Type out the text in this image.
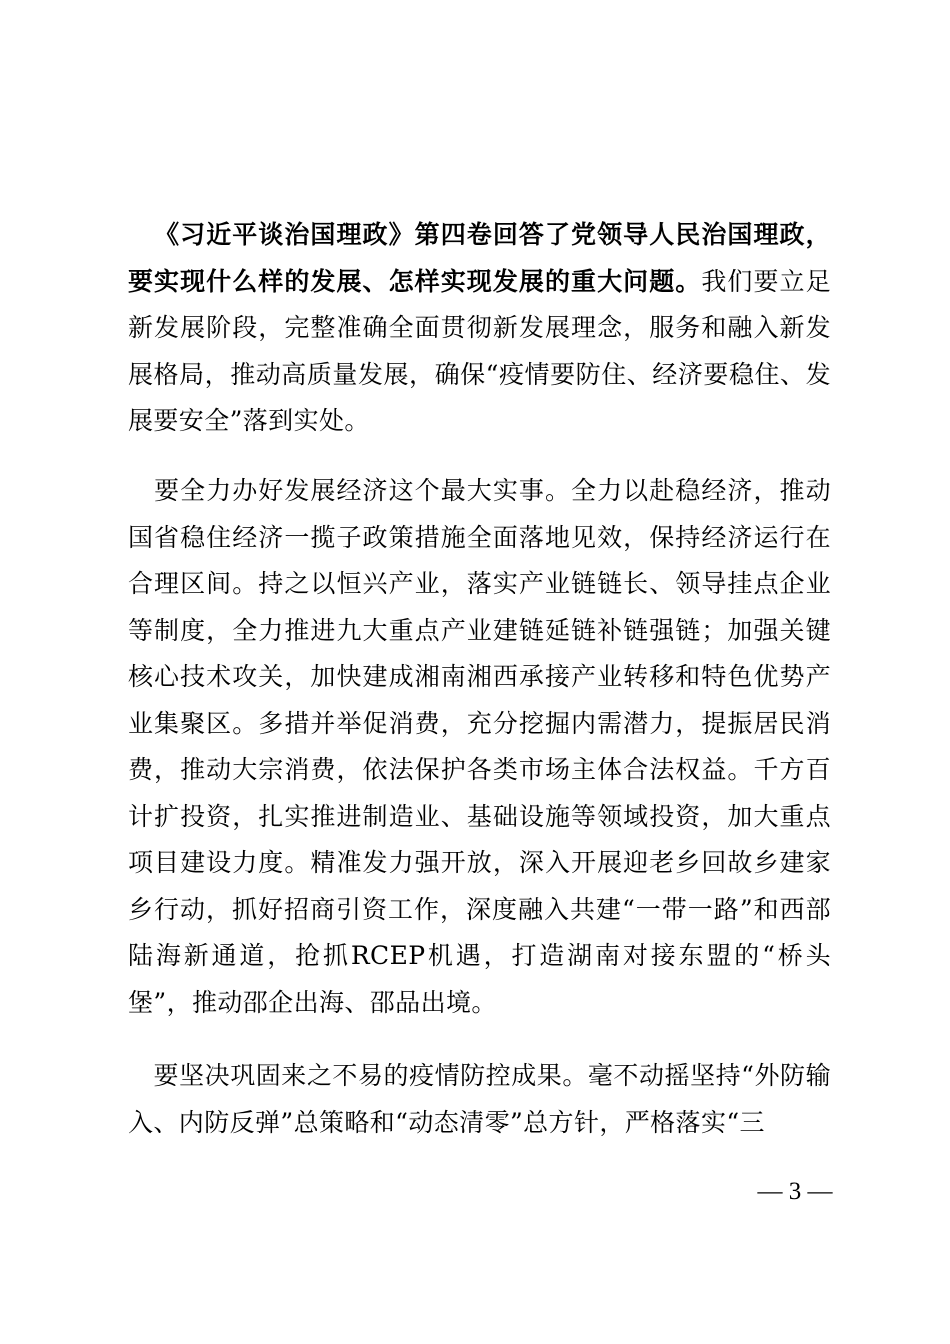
 《习近平谈治国理政》第四卷回答了党领导人民治国理政，要实现什么样的发展、怎样实现发展的重大问题。我们要立足新发展阶段，完整准确全面贯彻新发展理念，服务和融入新发展格局，推动高质量发展，确保“疫情要防住、经济要稳住、发展要安全”落到实处。

 要全力办好发展经济这个最大实事。全力以赴稳经济，推动国省稳住经济一揽子政策措施全面落地见效，保持经济运行在合理区间。持之以恒兴产业，落实产业链链长、领导挂点企业等制度，全力推进九大重点产业建链延链补链强链；加强关键核心技术攻关，加快建成湘南湘西承接产业转移和特色优势产业集聚区。多措并举促消费，充分挖掘内需潜力，提振居民消费，推动大宗消费，依法保护各类市场主体合法权益。千方百计扩投资，扎实推进制造业、基础设施等领域投资，加大重点项目建设力度。精准发力强开放，深入开展迎老乡回故乡建家乡行动，抓好招商引资工作，深度融入共建“一带一路”和西部陆海新通道，抢抓RCEP机遇，打造湖南对接东盟的“桥头堡”，推动邵企出海、邵品出境。

 要坚决巩固来之不易的疫情防控成果。毫不动摇坚持“外防输入、内防反弹”总策略和“动态清零”总方针，严格落实“三

— 3 —
